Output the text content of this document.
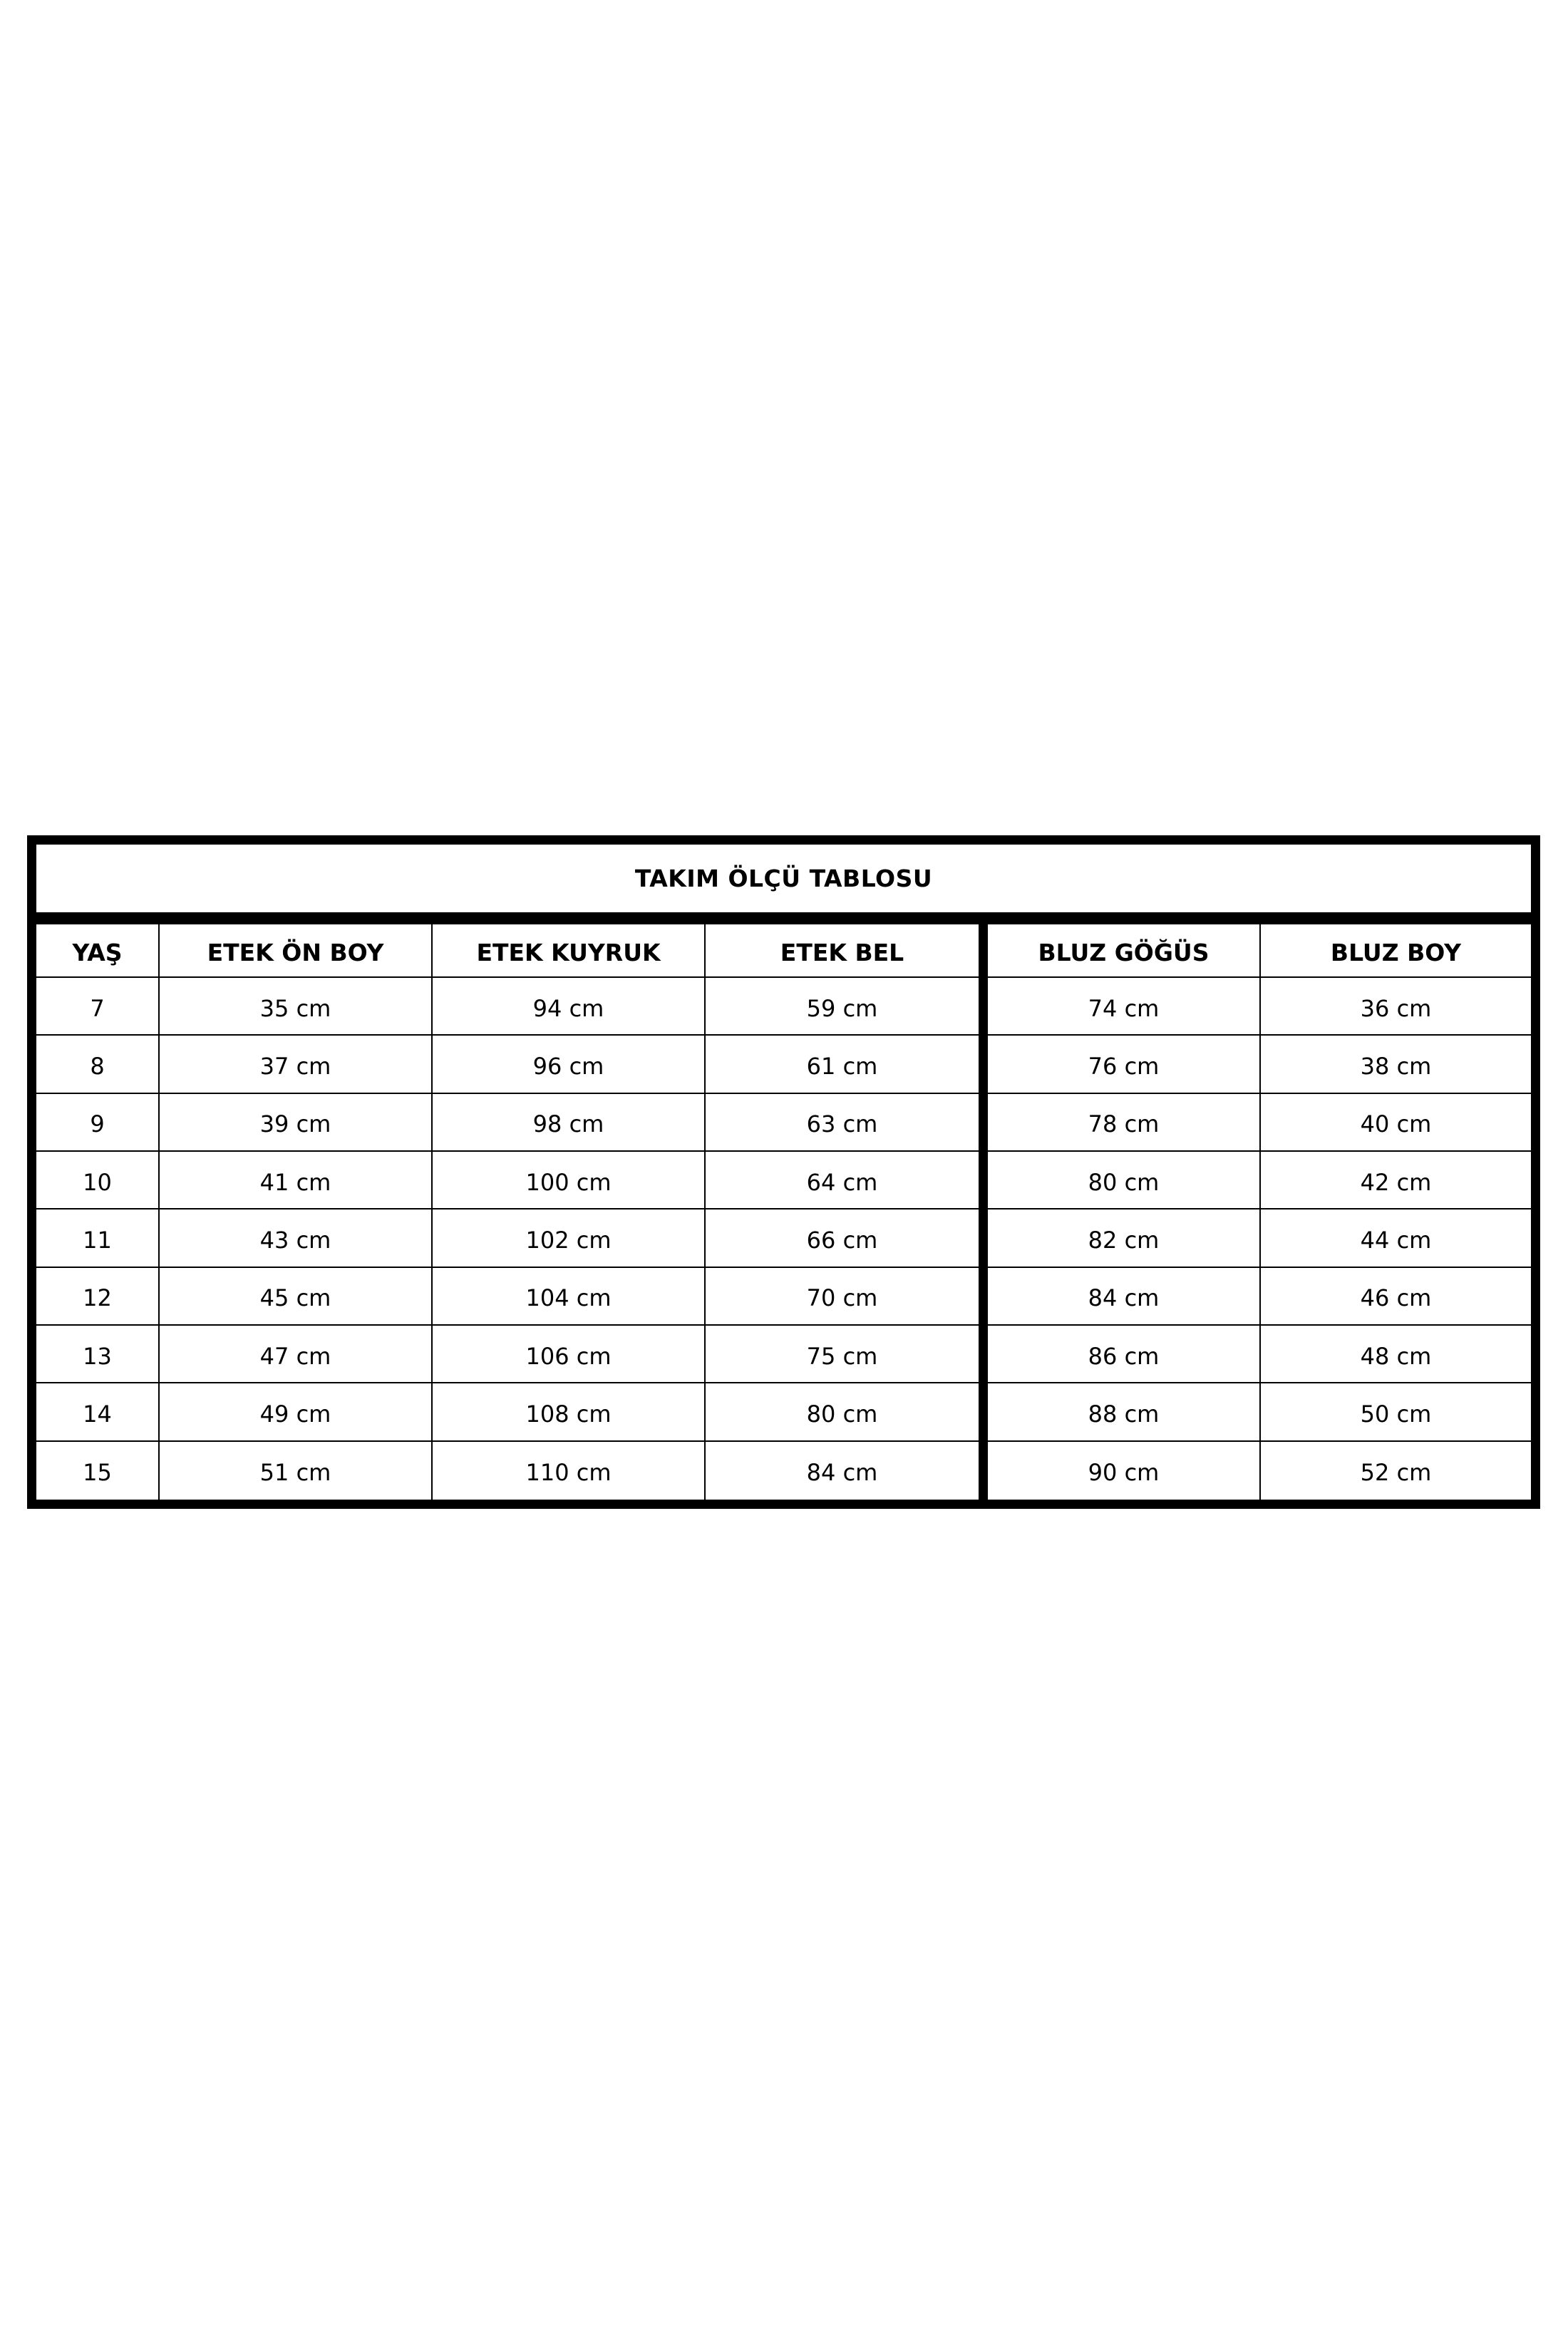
TAKIM ÖLÇÜ TABLOSU
YAŞ	ETEK ÖN BOY	ETEK KUYRUK	ETEK BEL	BLUZ GÖĞÜS	BLUZ BOY
7	35 cm	94 cm	59 cm	74 cm	36 cm
8	37 cm	96 cm	61 cm	76 cm	38 cm
9	39 cm	98 cm	63 cm	78 cm	40 cm
10	41 cm	100 cm	64 cm	80 cm	42 cm
11	43 cm	102 cm	66 cm	82 cm	44 cm
12	45 cm	104 cm	70 cm	84 cm	46 cm
13	47 cm	106 cm	75 cm	86 cm	48 cm
14	49 cm	108 cm	80 cm	88 cm	50 cm
15	51 cm	110 cm	84 cm	90 cm	52 cm
